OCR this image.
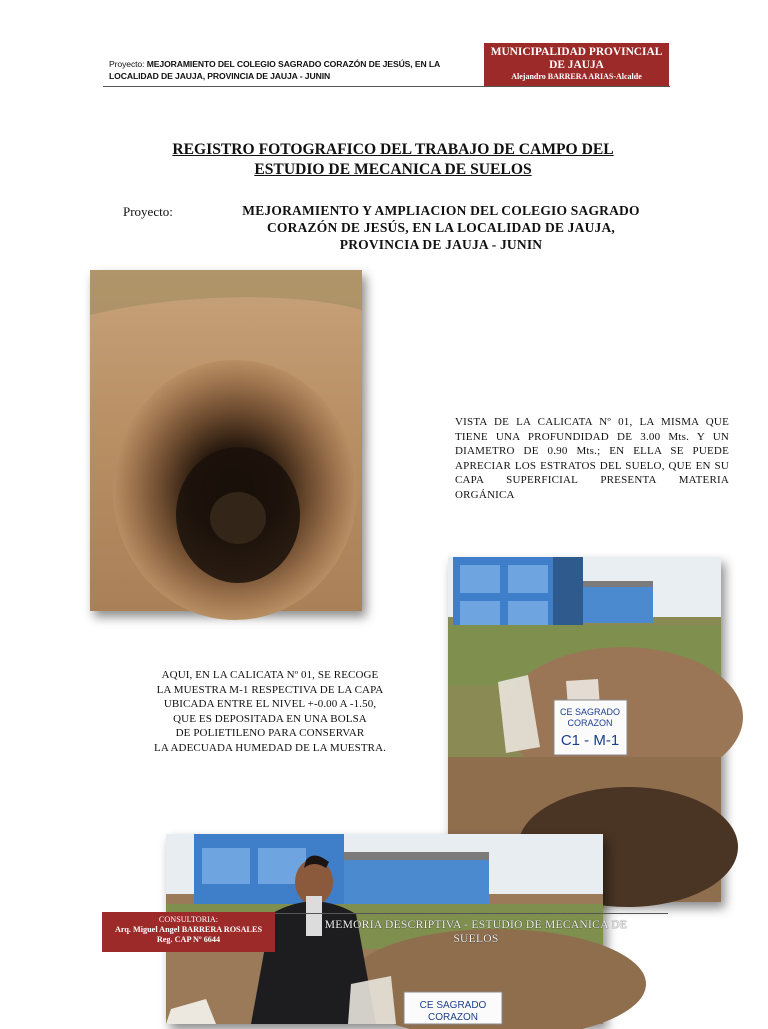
Proyecto: MEJORAMIENTO DEL COLEGIO SAGRADO CORAZÓN DE JESÚS, EN LA LOCALIDAD DE JAUJA, PROVINCIA DE JAUJA - JUNIN
MUNICIPALIDAD PROVINCIAL
DE JAUJA
Alejandro BARRERA ARIAS-Alcalde
REGISTRO FOTOGRAFICO DEL TRABAJO DE CAMPO DEL
ESTUDIO DE MECANICA DE SUELOS
Proyecto:	MEJORAMIENTO Y AMPLIACION DEL COLEGIO SAGRADO
CORAZÓN DE JESÚS, EN LA LOCALIDAD DE JAUJA,
PROVINCIA DE JAUJA - JUNIN
VISTA DE LA CALICATA Nº 01, LA MISMA QUE TIENE UNA PROFUNDIDAD DE 3.00 Mts. Y UN DIAMETRO DE 0.90 Mts.; EN ELLA SE PUEDE APRECIAR LOS ESTRATOS DEL SUELO, QUE EN SU CAPA SUPERFICIAL PRESENTA MATERIA ORGÁNICA
CE SAGRADO
CORAZON
C1 - M-1
AQUI, EN LA CALICATA Nº 01, SE RECOGE
LA MUESTRA M-1 RESPECTIVA DE LA CAPA
UBICADA ENTRE EL NIVEL +-0.00 A -1.50,
QUE ES DEPOSITADA EN UNA BOLSA
DE POLIETILENO PARA CONSERVAR
LA ADECUADA HUMEDAD DE LA MUESTRA.
CE SAGRADO
CORAZON
CONSULTORIA:
Arq. Miguel Angel BARRERA ROSALES
Reg. CAP Nº 6644
MEMORIA DESCRIPTIVA - ESTUDIO DE MECANICA DE
SUELOS
